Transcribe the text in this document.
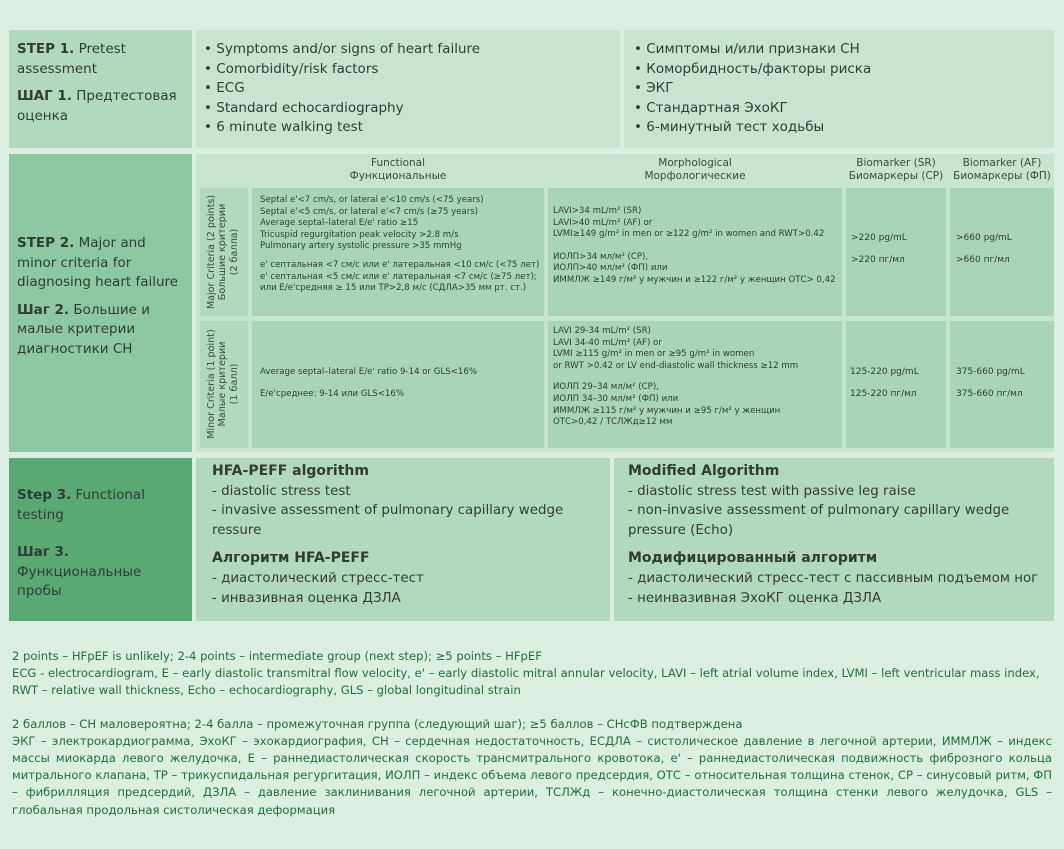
STEP 1. Pretest assessment
ШАГ 1. Предтестовая оценка
• Symptoms and/or signs of heart failure
• Comorbidity/risk factors
• ECG
• Standard echocardiography
• 6 minute walking test
• Симптомы и/или признаки СН
• Коморбидность/факторы риска
• ЭКГ
• Стандартная ЭхоКГ
• 6-минутный тест ходьбы
STEP 2. Major and minor criteria for diagnosing heart failure
Шаг 2. Большие и малые критерии диагностики СН
Functional
Функциональные
Morphological
Морфологические
Biomarker (SR)
Биомаркеры (СР)
Biomarker (AF)
Биомаркеры (ФП)
Major Criteria (2 points) Большие критерии (2 балла)
Septal e'<7 cm/s, or lateral e'<10 cm/s (<75 years)
Septal e'<5 cm/s, or lateral e'<7 cm/s (≥75 years)
Average septal–lateral E/e' ratio ≥15
Tricuspid regurgitation peak velocity >2.8 m/s
Pulmonary artery systolic pressure >35 mmHg
e' септальная <7 см/с или e' латеральная <10 см/с (<75 лет)
e' септальная <5 см/с или e' латеральная <7 см/с (≥75 лет);
или E/e'средняя ≥ 15 или ТР>2,8 м/с (СДЛА>35 мм рт. ст.)
LAVI>34 mL/m² (SR)
LAVI>40 mL/m² (AF) or
LVMI≥149 g/m² in men or ≥122 g/m² in women and RWT>0.42
ИОЛП>34 мл/м² (СР),
ИОЛП>40 мл/м² (ФП) или
ИММЛЖ ≥149 г/м² у мужчин и ≥122 г/м² у женщин ОТС> 0,42
>220 pg/mL
>220 пг/мл
>660 pg/mL
>660 пг/мл
Minor Criteria (1 point) Малые критерии (1 балл) Average septal–lateral E/e' ratio 9-14 or GLS<16%
E/e'среднее: 9-14 или GLS<16%
LAVI 29-34 mL/m² (SR)
LAVI 34-40 mL/m² (AF) or
LVMI ≥115 g/m² in men or ≥95 g/m² in women
or RWT >0.42 or LV end-diastolic wall thickness ≥12 mm
ИОЛП 29–34 мл/м² (СР),
ИОЛП 34–30 мл/м² (ФП) или
ИММЛЖ ≥115 г/м² у мужчин и ≥95 г/м² у женщин
ОТС>0,42 / ТСЛЖд≥12 мм
125-220 pg/mL
125-220 пг/мл
375-660 pg/mL
375-660 пг/мл
Step 3. Functional testing
Шаг 3. Функциональные пробы
HFA-PEFF algorithm
- diastolic stress test
- invasive assessment of pulmonary capillary wedge
ressure
Алгоритм HFA-PEFF
- диастолический стресс-тест
- инвазивная оценка ДЗЛА
Modified Algorithm
- diastolic stress test with passive leg raise
- non-invasive assessment of pulmonary capillary wedge
pressure (Echo)
Модифицированный алгоритм
- диастолический стресс-тест с пассивным подъемом ног
- неинвазивная ЭхоКГ оценка ДЗЛА
2 points – HFpEF is unlikely; 2-4 points – intermediate group (next step); ≥5 points – HFpEF
ECG - electrocardiogram, E – early diastolic transmitral flow velocity, e' – early diastolic mitral annular velocity, LAVI – left atrial volume index, LVMI – left ventricular mass index,
RWT – relative wall thickness, Echo – echocardiography, GLS – global longitudinal strain
2 баллов – СН маловероятна; 2-4 балла – промежуточная группа (следующий шаг); ≥5 баллов – СНсФВ подтверждена
ЭКГ – электрокардиограмма, ЭхоКГ – эхокардиография, СН – сердечная недостаточность, ЕСДЛА – систолическое давление в легочной артерии, ИММЛЖ – индекс массы миокарда левого желудочка, Е – раннедиастолическая скорость трансмитрального кровотока, e' – раннедиастолическая подвижность фиброзного кольца митрального клапана, ТР – трикуспидальная регургитация, ИОЛП – индекс объема левого предсердия, ОТС – относительная толщина стенок, СР – синусовый ритм, ФП – фибрилляция предсердий, ДЗЛА – давление заклинивания легочной артерии, ТСЛЖд – конечно-диастолическая толщина стенки левого желудочка, GLS – глобальная продольная систолическая деформация
